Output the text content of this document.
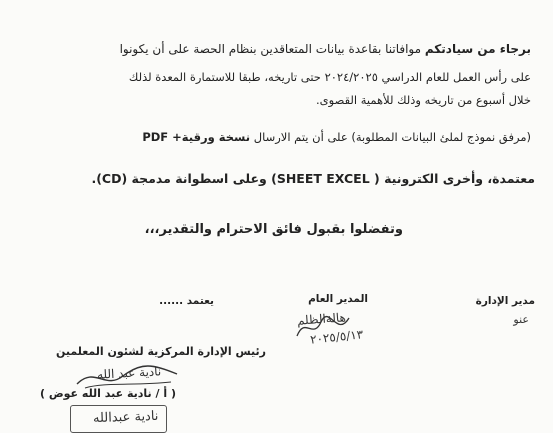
برجاء من سيادتكم موافاتنا بقاعدة بيانات المتعاقدين بنظام الحصة على أن يكونوا
على رأس العمل للعام الدراسي ٢٠٢٤/٢٠٢٥ حتى تاريخه، طبقا للاستمارة المعدة لذلك
خلال أسبوع من تاريخه وذلك للأهمية القصوى.
(مرفق نموذج لملئ البيانات المطلوبة) على أن يتم الارسال نسخة ورقية+ PDF
معتمدة، وأخرى الكترونية ( SHEET EXCEL) وعلى اسطوانة مدمجة (CD).
وتفضلوا بقبول فائق الاحترام والتقدير،،،
مدير الإدارة
المدير العام
يعتمد ......
عنو
هالةالظلم
٢٠٢٥/٥/١٣
رئيس الإدارة المركزية لشئون المعلمين
نادية عبد الله
( أ / نادية عبد الله عوض )
نادية عبدالله
